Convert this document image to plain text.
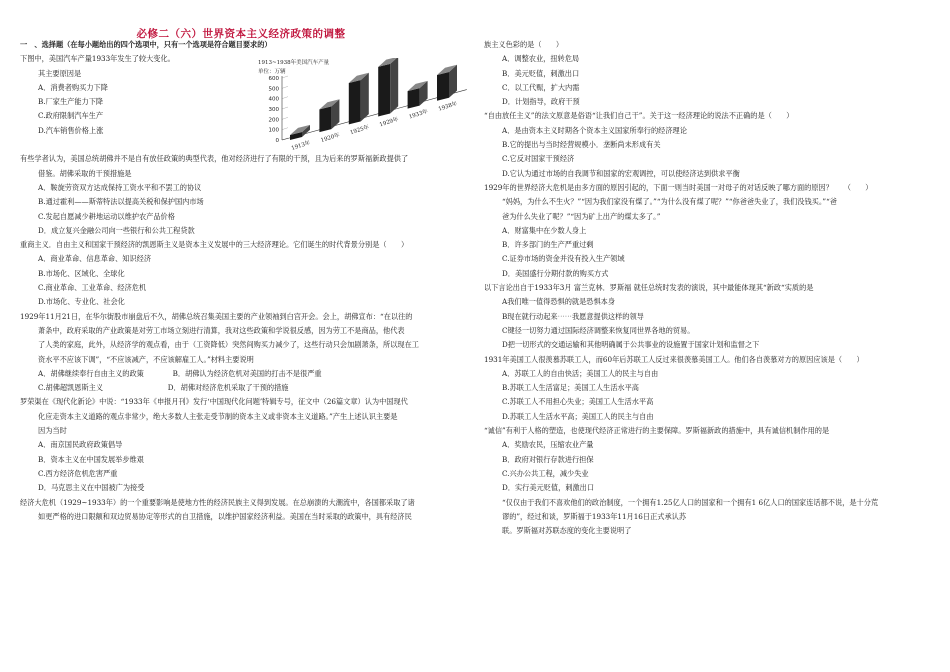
必修二（六）世界资本主义经济政策的调整
一　、选择题（在每小题给出的四个选项中，只有一个选项是符合题目要求的）
下图中，美国汽车产量1933年发生了较大变化。
其主要原因是
A．消费者购买力下降
B.厂家生产能力下降
C.政府限制汽车生产
D.汽车销售价格上涨
有些学者认为，美国总统胡佛并不是自有放任政策的典型代表，他对经济进行了有限的干预，且为后来的罗斯福新政提供了
借鉴。胡佛采取的干预措施是
A．鞍旋劳资双方达成保持工资水平和不罢工的协议
B.通过霍利——斯蒂特法以提高关税和保护国内市场
C.发起自愿减少耕地运动以维护农产品价格
D．成立复兴金融公司向一些银行和公共工程贷款
重商主义．自由主义和国家干预经济的凯恩斯主义是资本主义发展中的三大经济理论。它们诞生的时代背景分别是（　　）
A．商业革命、信息革命、知识经济
B.市场化、区域化、全球化
C.商业革命、工业革命、经济危机
D.市场化、专业化、社会化
1929年11月21日，在华尔街股市崩盘后不久，胡佛总统召集美国主要的产业领袖到白宫开会。会上，胡佛宣布：“在以往的
萧条中，政府采取的产业政策是对劳工市场立刻进行清算，我对这些政策和学说很反感，因为劳工不是商品，他代表
了人类的家庭，此外，从经济学的观点看，由于（工资降低）突然间购买力减少了，这些行动只会加剧萧条，所以现在工
资水平不应该下调”，“不应该减产，不应该解雇工人。”材料主要说明
A．胡佛继续奉行自由主义的政策　　　　B．胡佛认为经济危机对美国的打击不是很严重
C.胡佛超凯恩斯主义　　　　　　　　　D．胡佛对经济危机采取了干预的措施
罗荣渠在《现代化新论》中说：“1933年《申报月刊》发行‘中国现代化问题’特辑专号，征文中（26篇文章）认为中国现代
化应走资本主义道路的观点非常少，绝大多数人主张走受节制的资本主义或非资本主义道路。”产生上述认识主要是
因为当时
A．南京国民政府政策倡导
B．资本主义在中国发展举步维艰
C.西方经济危机危害严重
D．马克思主义在中国被广为接受
经济大危机（1929~1933年）的一个重要影响是使地方性的经济民族主义得到发展。在总崩溃的大潮流中，各国都采取了诸
如更严格的进口限额和双边贸易协定等形式的自卫措施，以维护国家经济利益。美国在当时采取的政策中，具有经济民
族主义色彩的是（　　）
A．调整农业，扭转危局
B．美元贬值，刺激出口
C．以工代赈，扩大内需
D．计划指导，政府干预
“自由放任主义”的法文原意是俗语“让我们自己干”。关于这一经济理论的说法不正确的是（　　）
A．是由资本主义时期各个资本主义国家所奉行的经济理论
B.它的提出与当时经营规模小．垄断尚未形成有关
C.它反对国家干预经济
D.它认为通过市场的自我调节和国家的宏观调控，可以使经济达到供求平衡
1929年的世界经济大危机是由多方面的原因引起的，下面一则当时美国一对母子的对话反映了哪方面的原因？　　（　　）
“妈妈，为什么不生火？”“因为我们家没有煤了。”“为什么没有煤了呢？”“你爸爸失业了，我们没钱买。”“爸
爸为什么失业了呢？”“因为矿上出产的煤太多了。”
A．财富集中在少数人身上
B．许多部门的生产严重过剩
C.证券市场的资金并没有投入生产领域
D．美国盛行分期付款的购买方式
以下言论出自于1933年3月 富兰克林．罗斯福 就任总统时发表的演说，其中最能体现其“新政“实质的是
A我们唯一值得恐惧的就是恐惧本身
B现在就行动起来⋯⋯我愿意提供这样的领导
C键径一切努力通过国际经济调整来恢复同世界各地的贸易。
D把一切形式的交通运输和其他明确属于公共事业的设施置于国家计划和监督之下
1931年美国工人很羡慕苏联工人，而60年后苏联工人反过来很羡慕美国工人。他们各自羡慕对方的原因应该是（　　）
A．苏联工人的自由快活；美国工人的民主与自由
B.苏联工人生活富足；美国工人生活水平高
C.苏联工人不用担心失业；美国工人生活水平高
D.苏联工人生活水平高；美国工人的民主与自由
“诚信”有利于人格的塑造，也使现代经济正常进行的主要保障。罗斯福新政的措施中，具有诚信机制作用的是
A．奖励农民，压缩农业产量
B．政府对银行存款进行担保
C.兴办公共工程，减少失业
D．实行美元贬值，刺激出口
“仅仅由于我们不喜欢他们的政治制度，一个拥有1.25亿人口的国家和一个拥有1 6亿人口的国家连话都不说，是十分荒
谬的”，经过和谈，罗斯福于1933年11月16日正式承认苏
联。罗斯福对苏联态度的变化主要说明了
0
100
200
300
400
500
600
1913年
1920年
1925年
1929年
1933年
1938年
1913~1938年美国汽车产量
单位：万辆
